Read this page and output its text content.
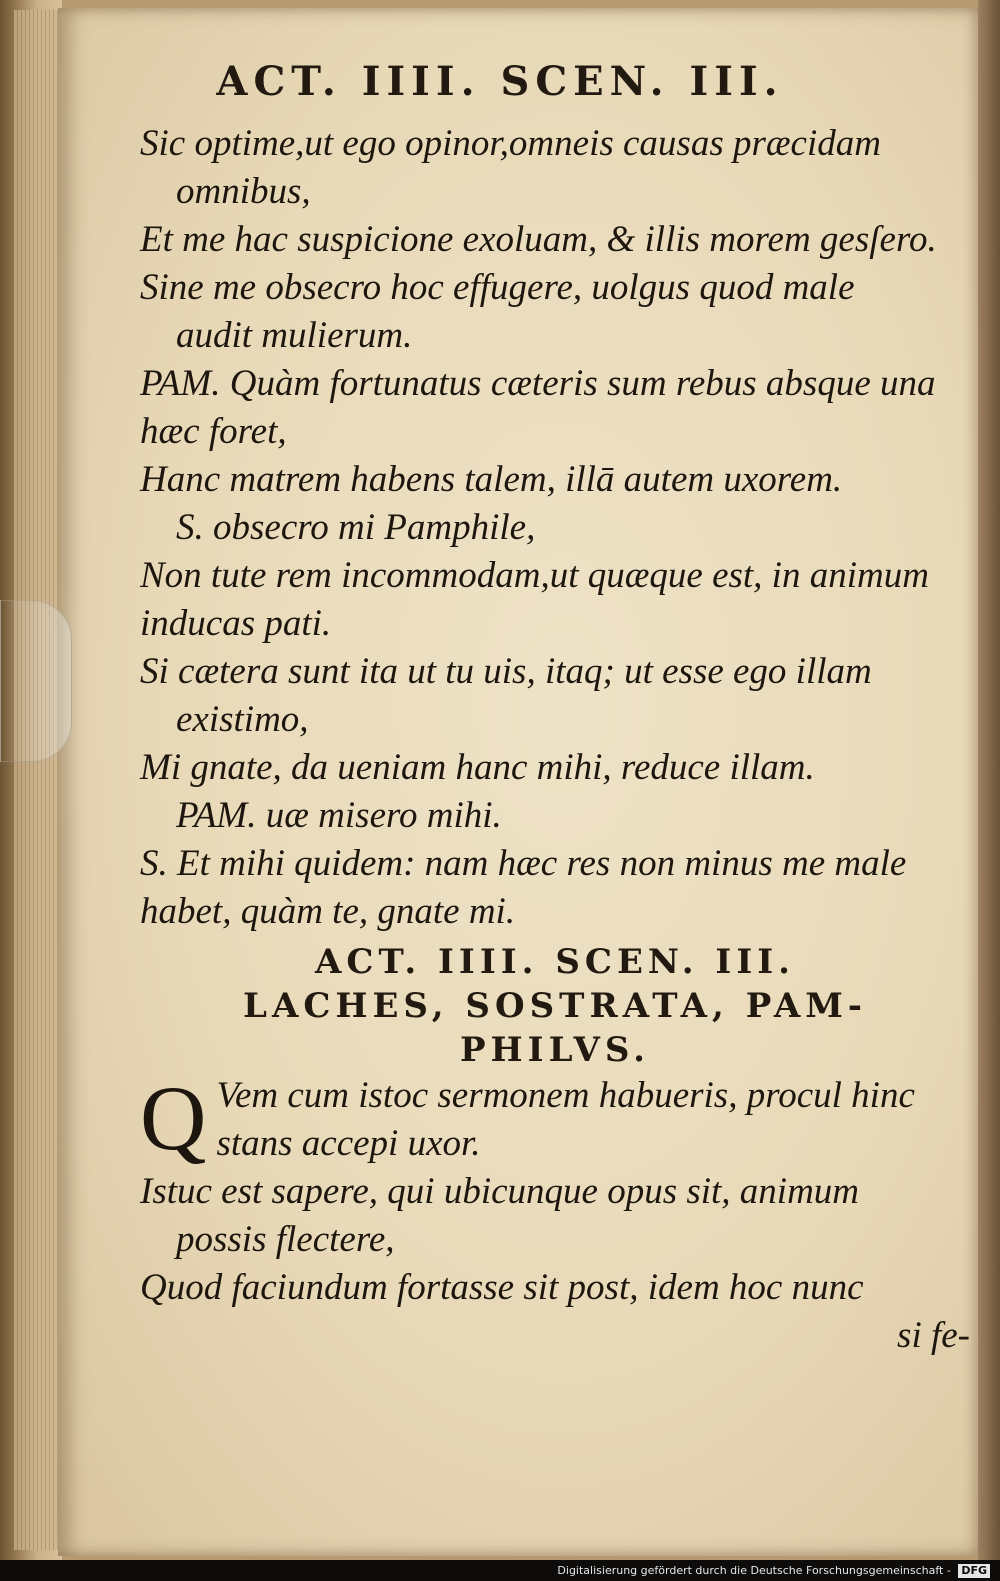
ACT. IIII. SCEN. III.
Sic optime,ut ego opinor,omneis causas præcidam
omnibus,
Et me hac suspicione exoluam, & illis morem gesſero.
Sine me obsecro hoc effugere, uolgus quod male
audit mulierum.
PAM. Quàm fortunatus cæteris sum rebus absque una hæc foret,
Hanc matrem habens talem, illā autem uxorem.
S. obsecro mi Pamphile,
Non tute rem incommodam,ut quæque est, in animum inducas pati.
Si cætera sunt ita ut tu uis, itaq; ut esse ego illam
existimo,
Mi gnate, da ueniam hanc mihi, reduce illam.
PAM. uæ misero mihi.
S. Et mihi quidem: nam hæc res non minus me male habet, quàm te, gnate mi.
ACT. IIII. SCEN. III.
LACHES, SOSTRATA, PAM-
PHILVS.
Q Vem cum istoc sermonem habueris, procul hinc
stans accepi uxor.
Istuc est sapere, qui ubicunque opus sit, animum
possis flectere,
Quod faciundum fortasse sit post, idem hoc nunc
si fe-
Digitalisierung gefördert durch die Deutsche Forschungsgemeinschaft - DFG
